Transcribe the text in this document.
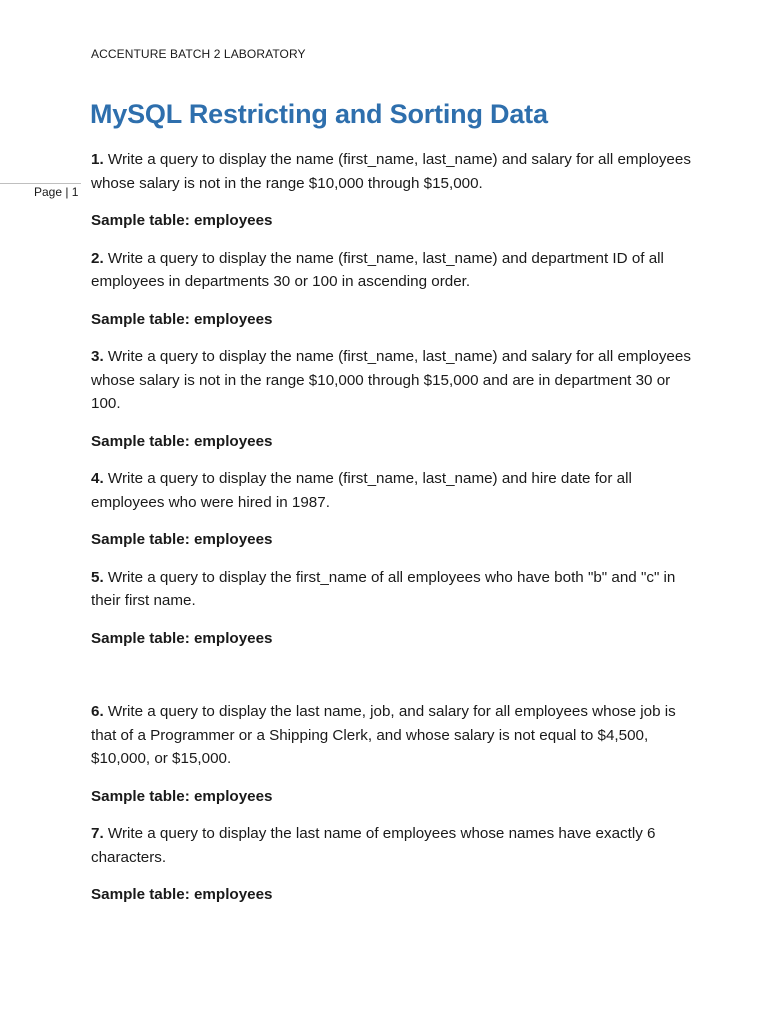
ACCENTURE BATCH 2 LABORATORY
Page | 1
MySQL Restricting and Sorting Data

1. Write a query to display the name (first_name, last_name) and salary for all employees whose salary is not in the range $10,000 through $15,000.

Sample table: employees

2. Write a query to display the name (first_name, last_name) and department ID of all employees in departments 30 or 100 in ascending order.

Sample table: employees

3. Write a query to display the name (first_name, last_name) and salary for all employees whose salary is not in the range $10,000 through $15,000 and are in department 30 or 100.

Sample table: employees

4. Write a query to display the name (first_name, last_name) and hire date for all employees who were hired in 1987.

Sample table: employees

5. Write a query to display the first_name of all employees who have both "b" and "c" in their first name.

Sample table: employees

6. Write a query to display the last name, job, and salary for all employees whose job is that of a Programmer or a Shipping Clerk, and whose salary is not equal to $4,500, $10,000, or $15,000.

Sample table: employees

7. Write a query to display the last name of employees whose names have exactly 6 characters.

Sample table: employees
